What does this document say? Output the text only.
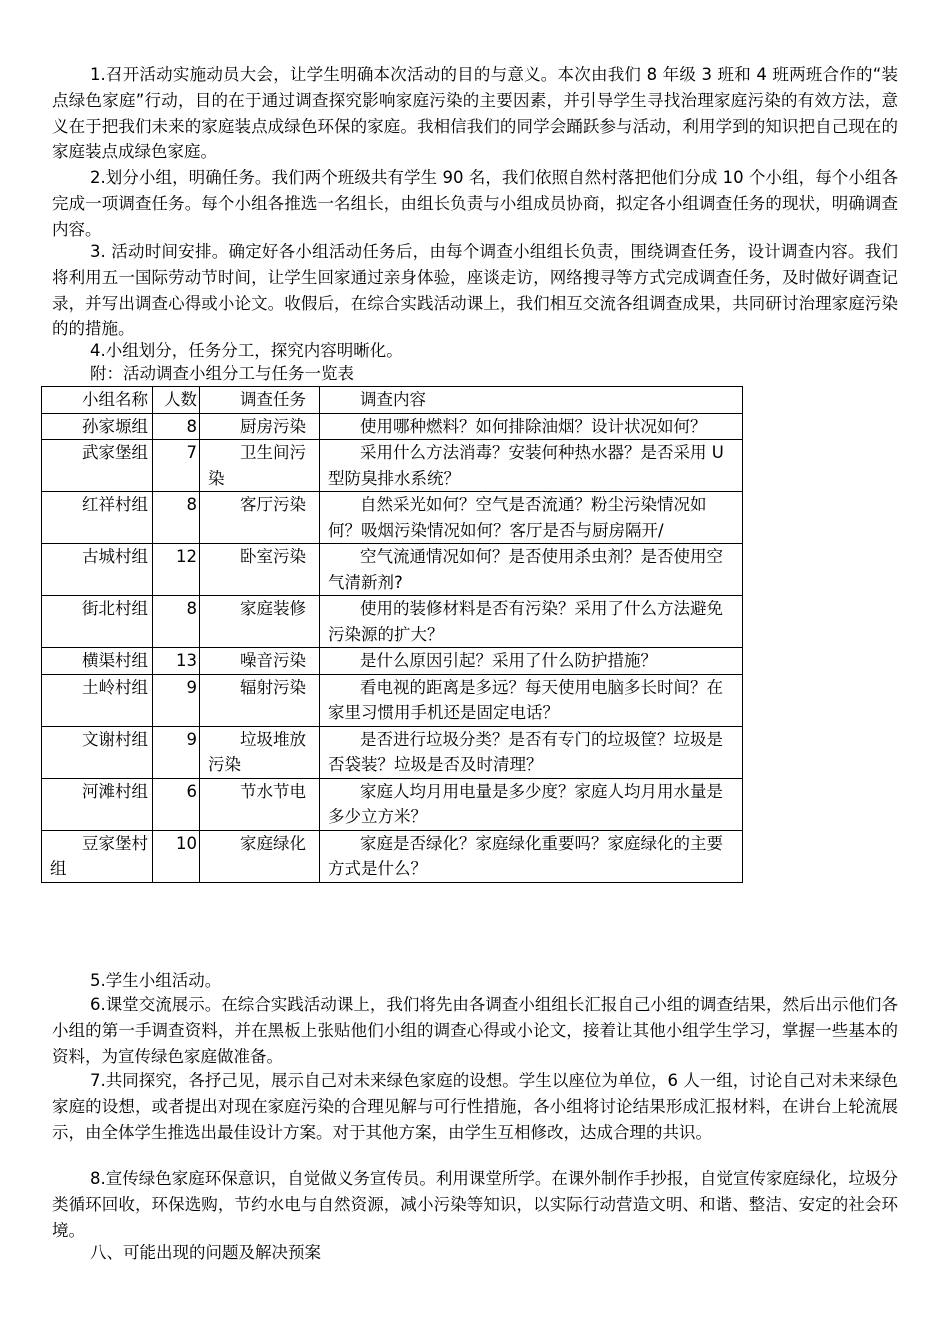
1.召开活动实施动员大会，让学生明确本次活动的目的与意义。本次由我们 8 年级 3 班和 4 班两班合作的“装点绿色家庭”行动，目的在于通过调查探究影响家庭污染的主要因素，并引导学生寻找治理家庭污染的有效方法，意义在于把我们未来的家庭装点成绿色环保的家庭。我相信我们的同学会踊跃参与活动，利用学到的知识把自己现在的家庭装点成绿色家庭。

2.划分小组，明确任务。我们两个班级共有学生 90 名，我们依照自然村落把他们分成 10 个小组，每个小组各完成一项调查任务。每个小组各推选一名组长，由组长负责与小组成员协商，拟定各小组调查任务的现状，明确调查内容。

3. 活动时间安排。确定好各小组活动任务后，由每个调查小组组长负责，围绕调查任务，设计调查内容。我们将利用五一国际劳动节时间，让学生回家通过亲身体验，座谈走访，网络搜寻等方式完成调查任务，及时做好调查记录，并写出调查心得或小论文。收假后，在综合实践活动课上，我们相互交流各组调查成果，共同研讨治理家庭污染的的措施。

4.小组划分，任务分工，探究内容明晰化。

附：活动调查小组分工与任务一览表

小组名称	人数	调查任务	调查内容
孙家塬组	8	厨房污染	使用哪种燃料？如何排除油烟？设计状况如何？
武家堡组	7	卫生间污染	采用什么方法消毒？安装何种热水器？是否采用 U 型防臭排水系统？
红祥村组	8	客厅污染	自然采光如何？空气是否流通？粉尘污染情况如何？吸烟污染情况如何？客厅是否与厨房隔开/
古城村组	12	卧室污染	空气流通情况如何？是否使用杀虫剂？是否使用空气清新剂?
街北村组	8	家庭装修	使用的装修材料是否有污染？采用了什么方法避免污染源的扩大？
横渠村组	13	噪音污染	是什么原因引起？采用了什么防护措施？
土岭村组	9	辐射污染	看电视的距离是多远？每天使用电脑多长时间？在家里习惯用手机还是固定电话？
文谢村组	9	垃圾堆放污染	是否进行垃圾分类？是否有专门的垃圾筐？垃圾是否袋装？垃圾是否及时清理？
河滩村组	6	节水节电	家庭人均月用电量是多少度？家庭人均月用水量是多少立方米？
豆家堡村组	10	家庭绿化	家庭是否绿化？家庭绿化重要吗？家庭绿化的主要方式是什么？

5.学生小组活动。

6.课堂交流展示。在综合实践活动课上，我们将先由各调查小组组长汇报自己小组的调查结果，然后出示他们各小组的第一手调查资料，并在黑板上张贴他们小组的调查心得或小论文，接着让其他小组学生学习，掌握一些基本的资料，为宣传绿色家庭做准备。

7.共同探究，各抒己见，展示自己对未来绿色家庭的设想。学生以座位为单位，6 人一组，讨论自己对未来绿色家庭的设想，或者提出对现在家庭污染的合理见解与可行性措施，各小组将讨论结果形成汇报材料，在讲台上轮流展示，由全体学生推选出最佳设计方案。对于其他方案，由学生互相修改，达成合理的共识。

8.宣传绿色家庭环保意识，自觉做义务宣传员。利用课堂所学。在课外制作手抄报，自觉宣传家庭绿化，垃圾分类循环回收，环保选购，节约水电与自然资源，减小污染等知识，以实际行动营造文明、和谐、整洁、安定的社会环境。

八、可能出现的问题及解决预案
